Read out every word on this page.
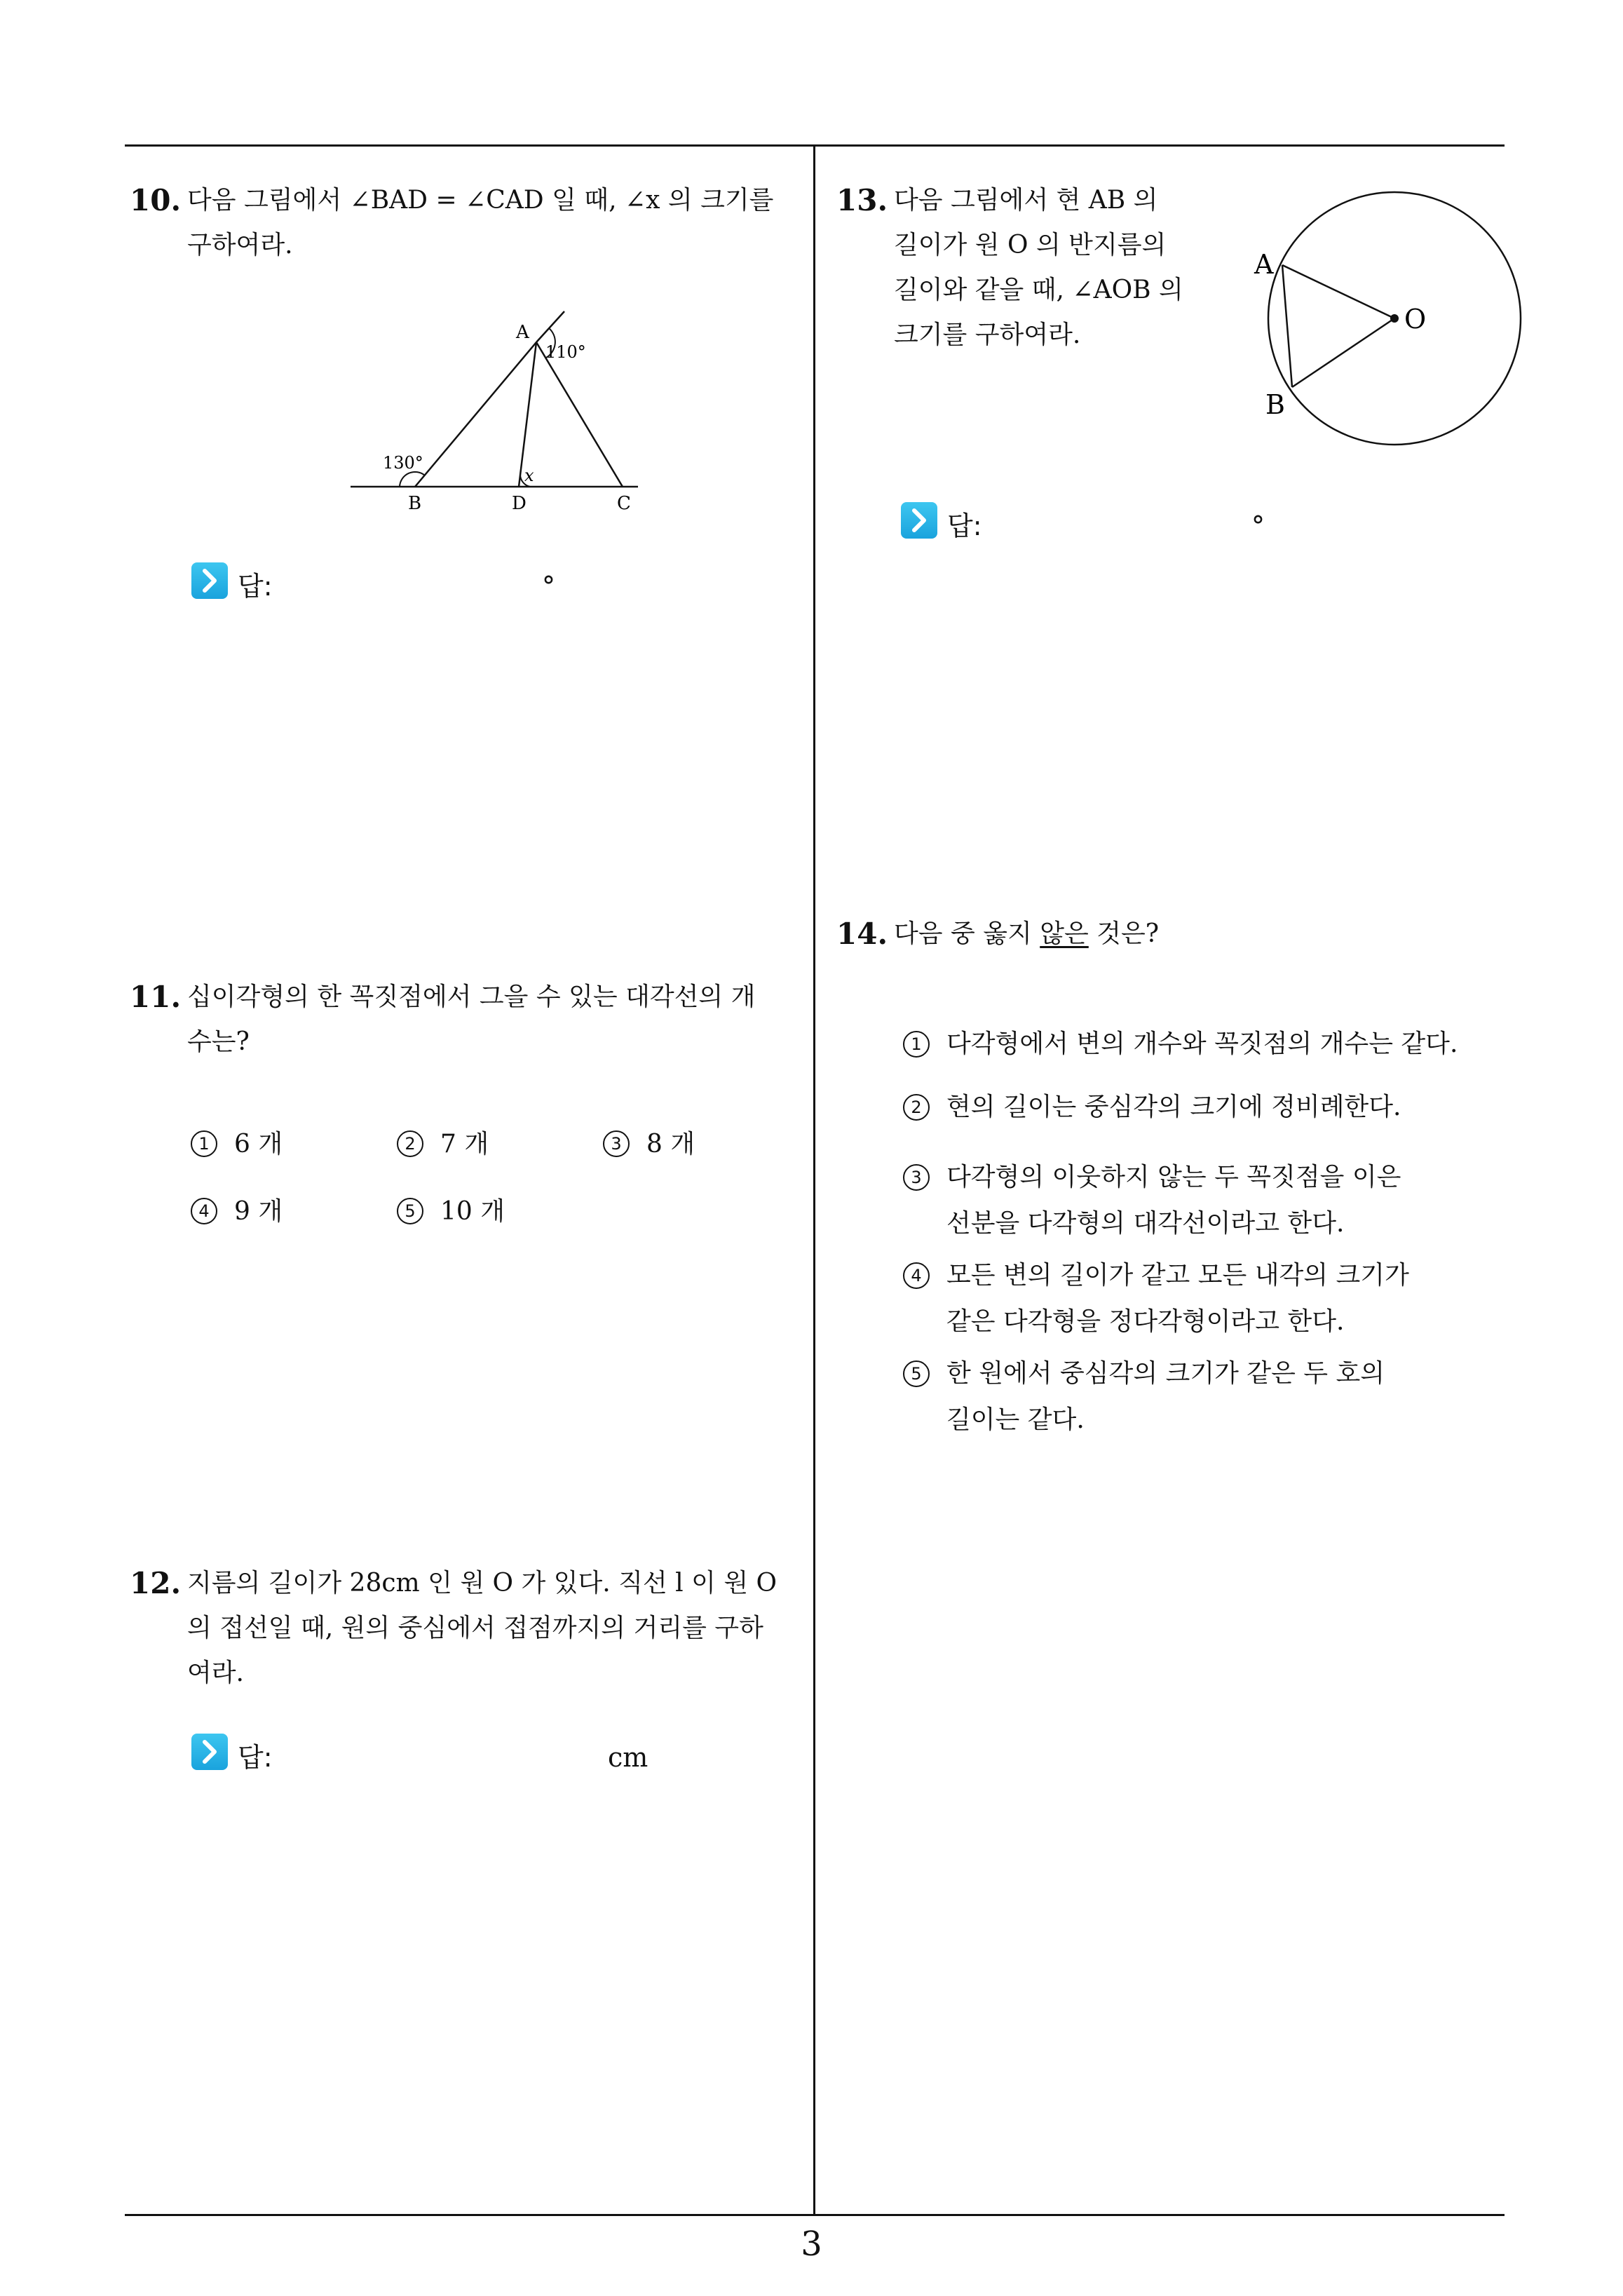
10. 다음 그림에서 ∠BAD = ∠CAD 일 때, ∠x 의 크기를
구하여라.
A
110°
130°
x
B	D	C
답:	°
11. 십이각형의 한 꼭짓점에서 그을 수 있는 대각선의 개
수는?
1 6 개	2 7 개	3 8 개
4 9 개	5 10 개
12. 지름의 길이가 28cm 인 원 O 가 있다. 직선 l 이 원 O
의 접선일 때, 원의 중심에서 접점까지의 거리를 구하
여라.
답:	cm
13. 다음 그림에서 현 AB 의
길이가 원 O 의 반지름의
길이와 같을 때, ∠AOB 의
크기를 구하여라.
A
B
O
답:	°
14. 다음 중 옳지 않은 것은?
1 다각형에서 변의 개수와 꼭짓점의 개수는 같다.
2 현의 길이는 중심각의 크기에 정비례한다.
3 다각형의 이웃하지 않는 두 꼭짓점을 이은
선분을 다각형의 대각선이라고 한다.
4 모든 변의 길이가 같고 모든 내각의 크기가
같은 다각형을 정다각형이라고 한다.
5 한 원에서 중심각의 크기가 같은 두 호의
길이는 같다.
3
